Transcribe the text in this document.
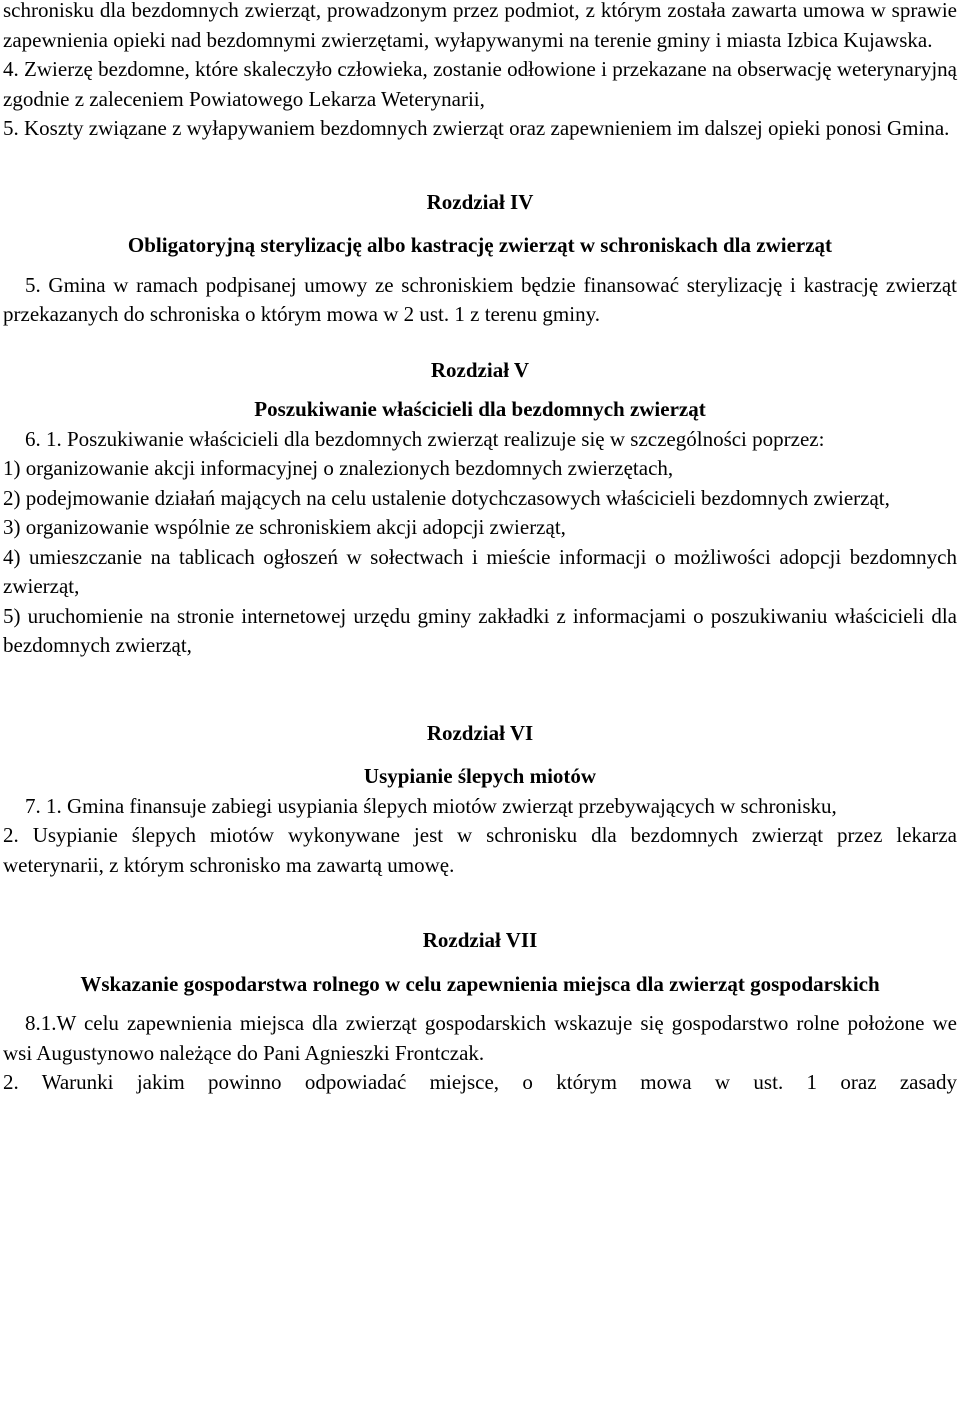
schronisku dla bezdomnych zwierząt, prowadzonym przez podmiot, z którym została zawarta umowa w sprawie zapewnienia opieki nad bezdomnymi zwierzętami, wyłapywanymi na terenie gminy i miasta Izbica Kujawska.

4. Zwierzę bezdomne, które skaleczyło człowieka, zostanie odłowione i przekazane na obserwację weterynaryjną zgodnie z zaleceniem Powiatowego Lekarza Weterynarii,

5. Koszty związane z wyłapywaniem bezdomnych zwierząt oraz zapewnieniem im dalszej opieki ponosi Gmina.

Rozdział IV

Obligatoryjną sterylizację albo kastrację zwierząt w schroniskach dla zwierząt

5. Gmina w ramach podpisanej umowy ze schroniskiem będzie finansować sterylizację i kastrację zwierząt przekazanych do schroniska o którym mowa w 2 ust. 1 z terenu gminy.

Rozdział V

Poszukiwanie właścicieli dla bezdomnych zwierząt

6. 1. Poszukiwanie właścicieli dla bezdomnych zwierząt realizuje się w szczególności poprzez:

1) organizowanie akcji informacyjnej o znalezionych bezdomnych zwierzętach,

2) podejmowanie działań mających na celu ustalenie dotychczasowych właścicieli bezdomnych zwierząt,

3) organizowanie wspólnie ze schroniskiem akcji adopcji zwierząt,

4) umieszczanie na tablicach ogłoszeń w sołectwach i mieście informacji o możliwości adopcji bezdomnych zwierząt,

5) uruchomienie na stronie internetowej urzędu gminy zakładki z informacjami o poszukiwaniu właścicieli dla bezdomnych zwierząt,

Rozdział VI

Usypianie ślepych miotów

7. 1. Gmina finansuje zabiegi usypiania ślepych miotów zwierząt przebywających w schronisku,

2. Usypianie ślepych miotów wykonywane jest w schronisku dla bezdomnych zwierząt przez lekarza weterynarii, z którym schronisko ma zawartą umowę.

Rozdział VII

Wskazanie gospodarstwa rolnego w celu zapewnienia miejsca dla zwierząt gospodarskich

8.1.W celu zapewnienia miejsca dla zwierząt gospodarskich wskazuje się gospodarstwo rolne położone we wsi Augustynowo należące do Pani Agnieszki Frontczak.

2. Warunki jakim powinno odpowiadać miejsce, o którym mowa w ust. 1 oraz zasady
